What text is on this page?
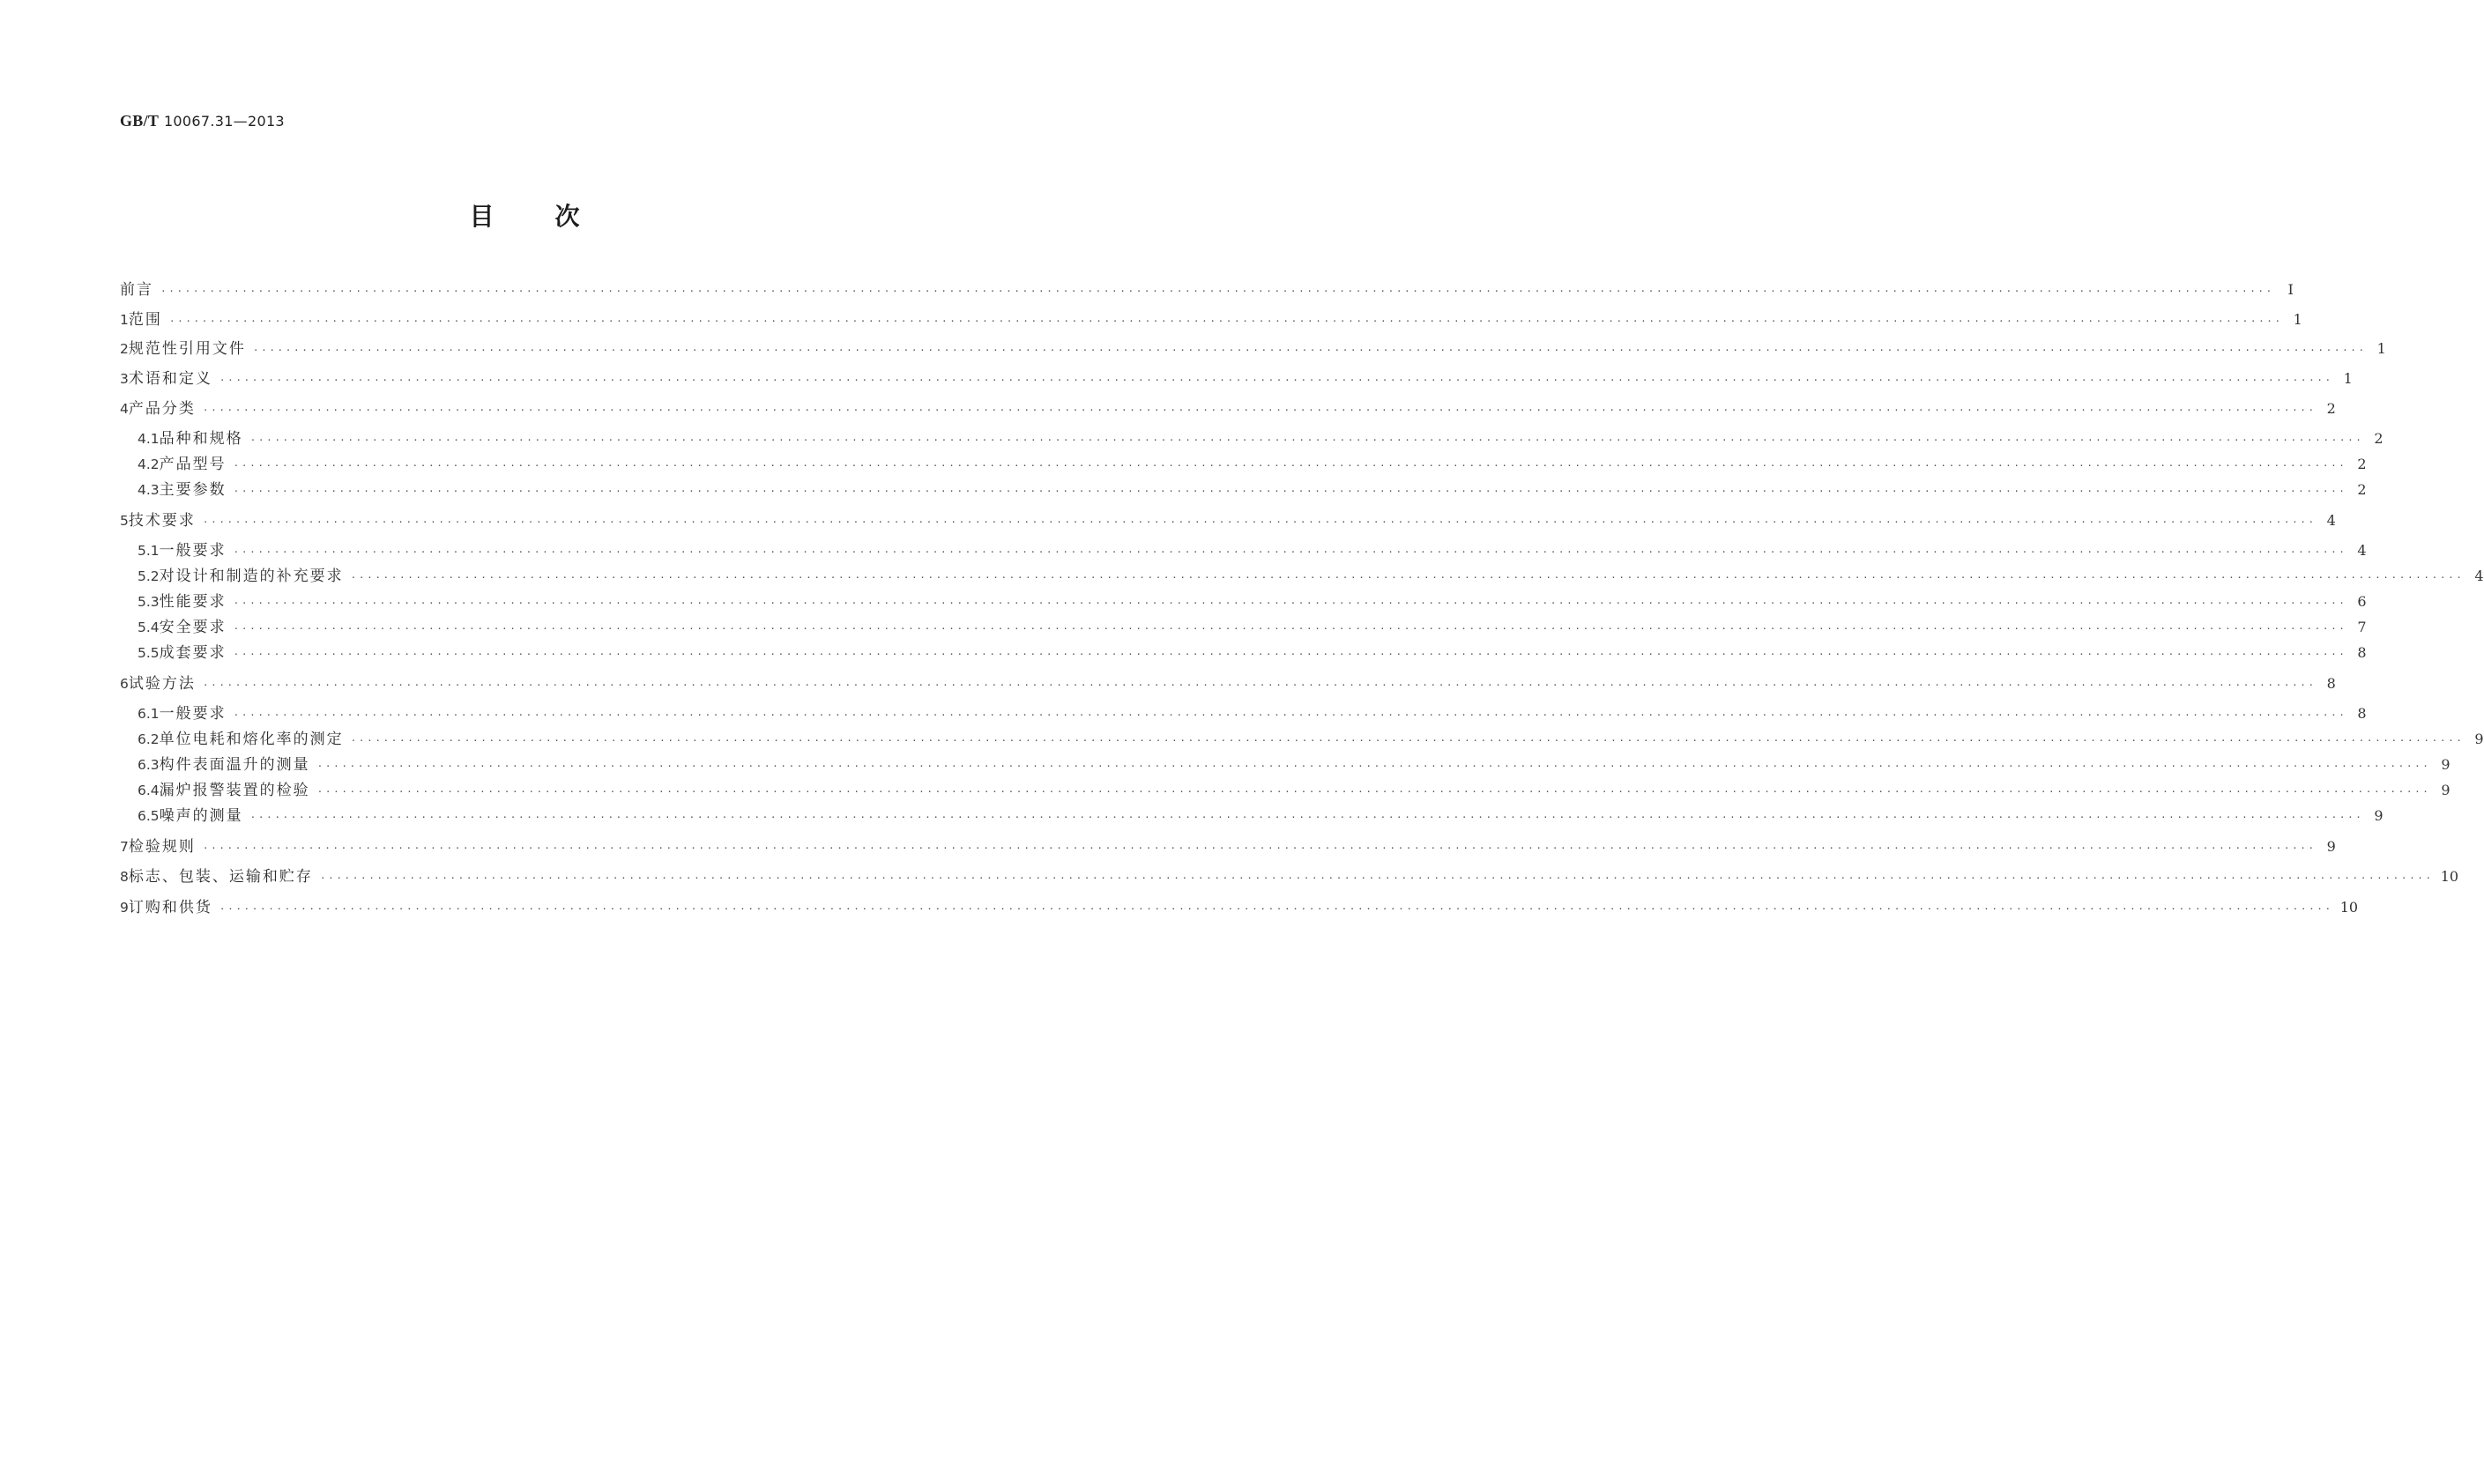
GB/T 10067.31—2013
目 次
前言 ···································································································································································································································································· Ⅰ
1 范围 ···································································································································································································································································· 1
2 规范性引用文件 ···································································································································································································································································· 1
3 术语和定义 ···································································································································································································································································· 1
4 产品分类 ···································································································································································································································································· 2
4.1 品种和规格 ···································································································································································································································································· 2
4.2 产品型号 ···································································································································································································································································· 2
4.3 主要参数 ···································································································································································································································································· 2
5 技术要求 ···································································································································································································································································· 4
5.1 一般要求 ···································································································································································································································································· 4
5.2 对设计和制造的补充要求 ···································································································································································································································································· 4
5.3 性能要求 ···································································································································································································································································· 6
5.4 安全要求 ···································································································································································································································································· 7
5.5 成套要求 ···································································································································································································································································· 8
6 试验方法 ···································································································································································································································································· 8
6.1 一般要求 ···································································································································································································································································· 8
6.2 单位电耗和熔化率的测定 ···································································································································································································································································· 9
6.3 构件表面温升的测量 ···································································································································································································································································· 9
6.4 漏炉报警装置的检验 ···································································································································································································································································· 9
6.5 噪声的测量 ···································································································································································································································································· 9
7 检验规则 ···································································································································································································································································· 9
8 标志、包装、运输和贮存 ···································································································································································································································································· 10
9 订购和供货 ···································································································································································································································································· 10
